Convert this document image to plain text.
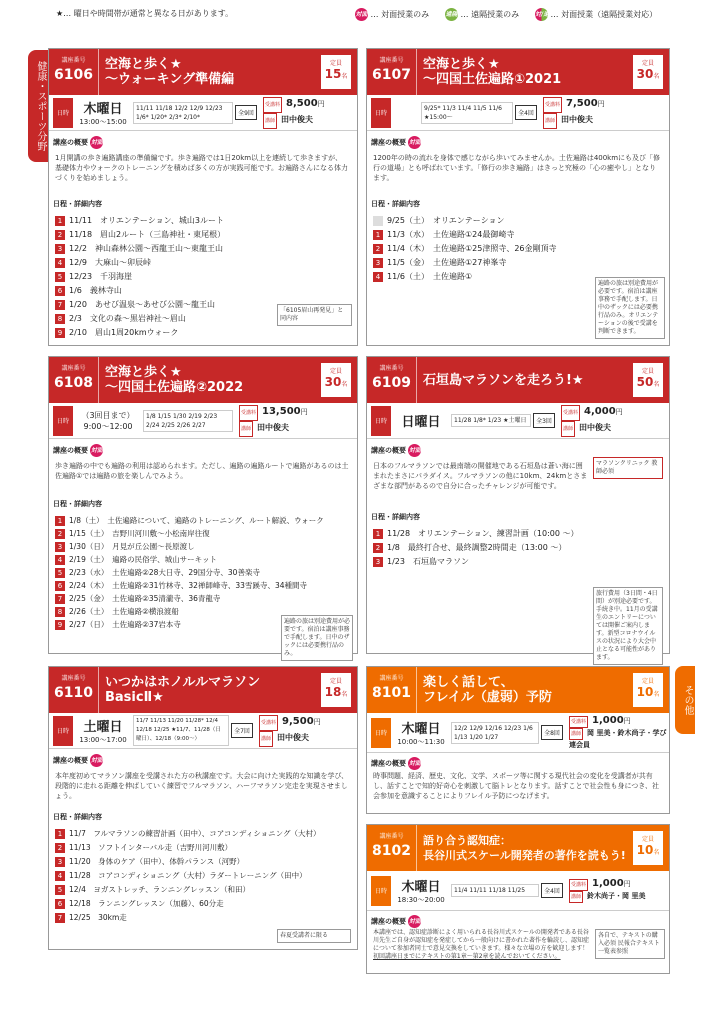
★… 曜日や時間帯が通常と異なる日があります。	対面 … 対面授業のみ	遠隔 … 遠隔授業のみ	対/遠 … 対面授業（遠隔授業対応）
健康・スポーツ分野
その他
講座番号
6106
空海と歩く★
～ウォーキング準備編
定員
15名
日時	木曜日
13:00～15:00
11/11 11/18 12/2 12/9 12/23 1/6* 1/20* 2/3* 2/10*	全9回
受講料 8,500円
講師 田中俊夫
講座の概要 対面
1月開講の歩き遍路講座の準備編です。歩き遍路では1日20km以上を連続して歩きますが、基礎体力やウォークのトレーニングを積めば多くの方が実践可能です。お遍路さんになる体力づくりを始めましょう。
日程・詳細内容
1 11/11　オリエンテーション、城山3ルート
2 11/18　眉山2ルート（三島神社・東尾根）
3 12/2　神山森林公園～西龍王山～東龍王山
4 12/9　大麻山～卯辰峠
5 12/23　千羽海崖
6 1/6　義林寺山
7 1/20　あせび温泉～あせび公園～龍王山
8 2/3　文化の森～黒岩神社～眉山
9 2/10　眉山1周20kmウォーク
「6105眉山再発見」と同内容
講座番号
6107
空海と歩く★
～四国土佐遍路①2021
定員
30名
日時
9/25* 11/3 11/4 11/5 11/6 ★15:00～	全4回
受講料 7,500円
講師 田中俊夫
講座の概要 対面
1200年の時の流れを身体で感じながら歩いてみませんか。土佐遍路は400kmにも及び「修行の道場」とも呼ばれています。「修行の歩き遍路」はきっと究極の「心の癒やし」となります。
日程・詳細内容
9/25（土）　オリエンテーション
1 11/3（水）　土佐遍路①24最御崎寺
2 11/4（木）　土佐遍路①25津照寺、26金剛頂寺
3 11/5（金）　土佐遍路①27神峯寺
4 11/6（土）　土佐遍路①
遍路の旅は別途費用が必要です。宿泊は講座事務で手配します。日中のザックには必要携行品のみ。オリエンテーションの後で受講を判断できます。
講座番号
6108
空海と歩く★
～四国土佐遍路②2022
定員
30名
日時
（3回目まで）9:00～12:00
1/8 1/15 1/30 2/19 2/23 2/24 2/25 2/26 2/27
受講料 13,500円
講師 田中俊夫
講座の概要 対面
歩き遍路の中でも遍路の利用は認められます。ただし、遍路の遍路ルートで遍路があるのは土佐遍路①では遍路の旅を楽しんでみよう。
日程・詳細内容
1 1/8（土）　土佐遍路について、遍路のトレーニング、ルート解説、ウォーク
2 1/15（土）　吉野川河川敷～小松南岸往復
3 1/30（日）　月見が丘公園～長原渡し
4 2/19（土）　遍路の民俗学、城山サーキット
5 2/23（水）　土佐遍路②28大日寺、29国分寺、30善楽寺
6 2/24（木）　土佐遍路②31竹林寺、32禅師峰寺、33雪蹊寺、34種間寺
7 2/25（金）　土佐遍路②35清瀧寺、36青龍寺
8 2/26（土）　土佐遍路②横浪渡船
9 2/27（日）　土佐遍路②37岩本寺	遍路の旅は別途費用が必要です。宿泊は講座事務で手配します。日中のザックには必要携行品のみ。
講座番号
6109 石垣島マラソンを走ろう!★
定員
50名
日時	日曜日	11/28 1/8* 1/23 ★土曜日	全3回
受講料 4,000円
講師 田中俊夫
講座の概要 対面
日本のフルマラソンでは最南端の開催地である石垣島は蒼い海に囲まれたまさにパラダイス。フルマラソンの他に10km、24kmとさまざまな部門があるので自分に合ったチャレンジが可能です。
マラソンクリニック 教師必須
日程・詳細内容
1 11/28　オリエンテーション、練習計画（10:00 ～）
2 1/8　最終打合せ、最終調整2時間走（13:00 ～）
3 1/23　石垣島マラソン
旅行費用（3日間・4日間）が別途必要です。手続き中。11月の受講生のエントリーについては開催ご案内します。新型コロナウイルスの状況により大会中止となる可能性があります。
講座番号
6110
いつかはホノルルマラソン
BasicⅡ★
定員
18名
日時	土曜日
13:00～17:00
11/7 11/13 11/20 11/28* 12/4 12/18 12/25 ★11/7、11/28（日曜日）、12/18（9:00～）
全7回
受講料 9,500円
講師 田中俊夫
講座の概要 対面
本年度初めてマラソン講座を受講された方の秋講座です。大会に向けた実践的な知識を学び、段階的に走れる距離を伸ばしていく練習でフルマラソン、ハーフマラソン完走を実現させましょう。
日程・詳細内容
1 11/7　フルマラソンの練習計画（田中）、コアコンディショニング（大村）
2 11/13　ソフトインターバル走（吉野川河川敷）
3 11/20　身体のケア（田中）、体幹パランス（河野）
4 11/28　コアコンディショニング（大村）ラダートレーニング（田中）
5 12/4　ヨガストレッチ、ランニングレッスン（和田）
6 12/18　ランニングレッスン（加藤）、60分走
7 12/25　30km走
春夏受講者に限る
講座番号
8101
楽しく話して、
フレイル（虚弱）予防
定員
10名
日時	木曜日
10:00～11:30
12/2 12/9 12/16 12/23 1/6 1/13 1/20 1/27	全8回
受講料 1,000円
講師 岡 里美・鈴木尚子・学び連会員
講座の概要 対面
時事問題、経済、歴史、文化、文学、スポーツ等に関する現代社会の変化を受講者が共有し、話すことで知的好奇心を刺激して脳トレとなります。話すことで社会性も身につき、社会参加を意識することによりフレイル予防につなげます。
講座番号
8102
語り合う認知症：
長谷川式スケール開発者の著作を読もう!
定員
10名
日時	木曜日
18:30～20:00
11/4 11/11 11/18 11/25	全4回
受講料 1,000円
講師 鈴木尚子・岡 里美
講座の概要 対面
本講座では、認知症診断によく用いられる長谷川式スケールの開発者である長谷川先生ご自身が認知症を発症してから一般向けに書かれた著作を輪読し、認知症について参加者同士で意見交換をしていきます。様々な立場の方を歓迎します！
初回講座日までにテキストの第1章～第2章を読んでおいてください。
各自で、テキストの購入必須 民報合テキスト一覧表参照
